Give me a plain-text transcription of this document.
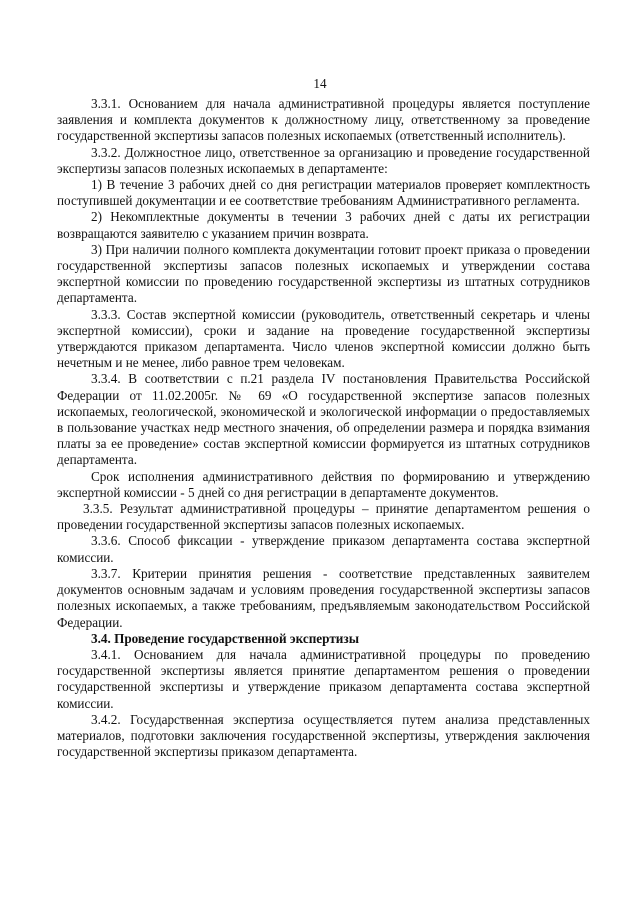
14

3.3.1. Основанием для начала административной процедуры является поступление заявления и комплекта документов к должностному лицу, ответственному за проведение государственной экспертизы запасов полезных ископаемых (ответственный исполнитель).

3.3.2. Должностное лицо, ответственное за организацию и проведение государственной экспертизы запасов полезных ископаемых в департаменте:

1) В течение 3 рабочих дней со дня регистрации материалов проверяет комплектность поступившей документации и ее соответствие требованиям Административного регламента.

2) Некомплектные документы в течении 3 рабочих дней с даты их регистрации возвращаются заявителю с указанием причин возврата.

3) При наличии полного комплекта документации готовит проект приказа о проведении государственной экспертизы запасов полезных ископаемых и утверждении состава экспертной комиссии по проведению государственной экспертизы из штатных сотрудников департамента.

3.3.3. Состав экспертной комиссии (руководитель, ответственный секретарь и члены экспертной комиссии), сроки и задание на проведение государственной экспертизы утверждаются приказом департамента. Число членов экспертной комиссии должно быть нечетным и не менее, либо равное трем человекам.

3.3.4. В соответствии с п.21 раздела IV постановления Правительства Российской Федерации от 11.02.2005г. № 69 «О государственной экспертизе запасов полезных ископаемых, геологической, экономической и экологической информации о предоставляемых в пользование участках недр местного значения, об определении размера и порядка взимания платы за ее проведение» состав экспертной комиссии формируется из штатных сотрудников департамента.

Срок исполнения административного действия по формированию и утверждению экспертной комиссии - 5 дней со дня регистрации в департаменте документов.

3.3.5. Результат административной процедуры – принятие департаментом решения о проведении государственной экспертизы запасов полезных ископаемых.

3.3.6. Способ фиксации - утверждение приказом департамента состава экспертной комиссии.

3.3.7. Критерии принятия решения - соответствие представленных заявителем документов основным задачам и условиям проведения государственной экспертизы запасов полезных ископаемых, а также требованиям, предъявляемым законодательством Российской Федерации.

3.4. Проведение государственной экспертизы

3.4.1. Основанием для начала административной процедуры по проведению государственной экспертизы является принятие департаментом решения о проведении государственной экспертизы и утверждение приказом департамента состава экспертной комиссии.

3.4.2. Государственная экспертиза осуществляется путем анализа представленных материалов, подготовки заключения государственной экспертизы, утверждения заключения государственной экспертизы приказом департамента.
